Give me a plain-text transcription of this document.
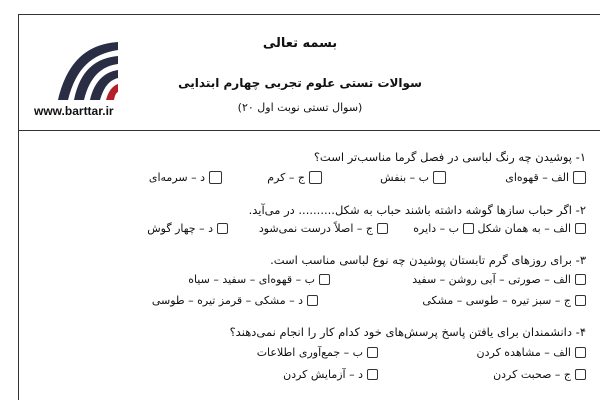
www.barttar.ir
بسمه تعالی
سوالات تستی علوم تجربی چهارم ابتدایی
(۲۰ سوال تستی نوبت اول)
۱- پوشیدن چه رنگ لباسی در فصل گرما مناسب‌تر است؟
الف – قهوه‌ای
ب – بنفش
ج – کرم
د – سرمه‌ای
۲- اگر حباب سازها گوشه داشته باشند حباب به شکل.......... در می‌آید.
الف – به همان شکل
ب – دایره
ج – اصلاً درست نمی‌شود
د – چهار گوش
۳- برای روزهای گرم تابستان پوشیدن چه نوع لباسی مناسب است.
الف – صورتی – آبی روشن – سفید
ب – قهوه‌ای – سفید – سیاه
ج – سبز تیره – طوسی – مشکی
د – مشکی – قرمز تیره – طوسی
۴- دانشمندان برای یافتن پاسخ پرسش‌های خود کدام کار را انجام نمی‌دهند؟
الف – مشاهده کردن
ب – جمع‌آوری اطلاعات
ج – صحبت کردن
د – آزمایش کردن
